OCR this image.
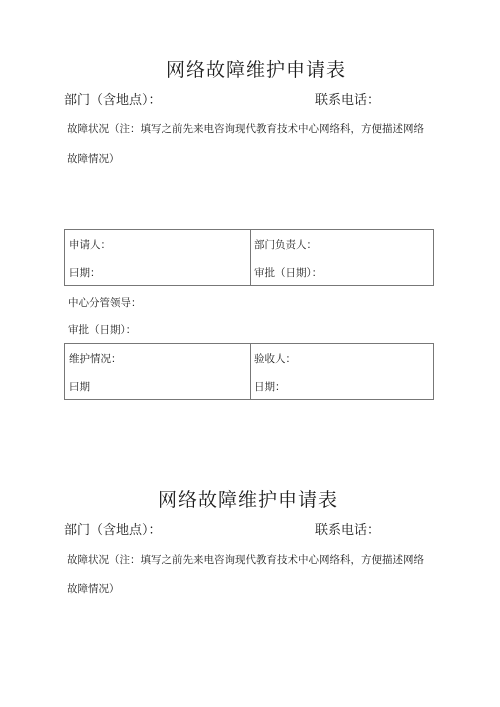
网络故障维护申请表
部门（含地点）：	联系电话：
故障状况（注：填写之前先来电咨询现代教育技术中心网络科，方便描述网络
故障情况）
申请人：
曰期：
部门负责人：
审批（日期）：
中心分管领导：
审批（日期）：
维护情况：
曰期
验收人：
日期：
网络故障维护申请表
部门（含地点）：	联系电话：
故障状况（注：填写之前先来电咨询现代教育技术中心网络科，方便描述网络
故障情况）
